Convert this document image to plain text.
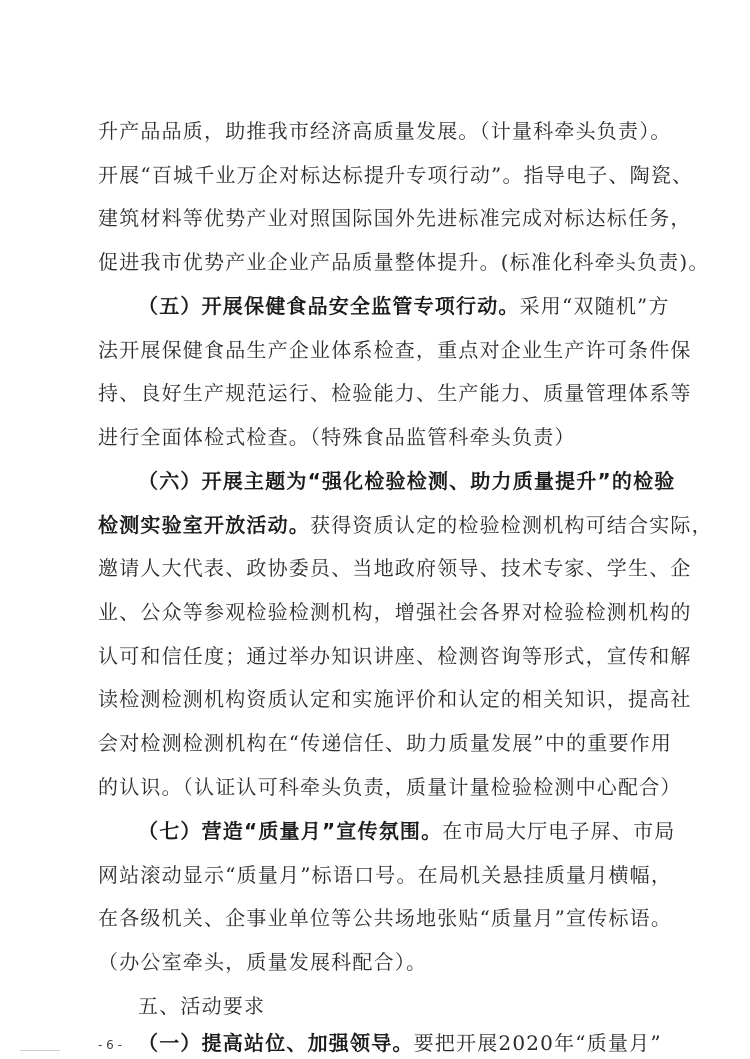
升产品品质，助推我市经济高质量发展。（计量科牵头负责）。
开展“百城千业万企对标达标提升专项行动”。指导电子、陶瓷、
建筑材料等优势产业对照国际国外先进标准完成对标达标任务，
促进我市优势产业企业产品质量整体提升。(标准化科牵头负责)。
（五）开展保健食品安全监管专项行动。采用“双随机”方
法开展保健食品生产企业体系检查，重点对企业生产许可条件保
持、良好生产规范运行、检验能力、生产能力、质量管理体系等
进行全面体检式检查。（特殊食品监管科牵头负责）
（六）开展主题为“强化检验检测、助力质量提升”的检验
检测实验室开放活动。获得资质认定的检验检测机构可结合实际，
邀请人大代表、政协委员、当地政府领导、技术专家、学生、企
业、公众等参观检验检测机构，增强社会各界对检验检测机构的
认可和信任度；通过举办知识讲座、检测咨询等形式，宣传和解
读检测检测机构资质认定和实施评价和认定的相关知识，提高社
会对检测检测机构在“传递信任、助力质量发展”中的重要作用
的认识。（认证认可科牵头负责，质量计量检验检测中心配合）
（七）营造“质量月”宣传氛围。在市局大厅电子屏、市局
网站滚动显示“质量月”标语口号。在局机关悬挂质量月横幅，
在各级机关、企事业单位等公共场地张贴“质量月”宣传标语。
（办公室牵头，质量发展科配合）。
五、活动要求
（一）提高站位、加强领导。要把开展2020年“质量月”
- 6 -
